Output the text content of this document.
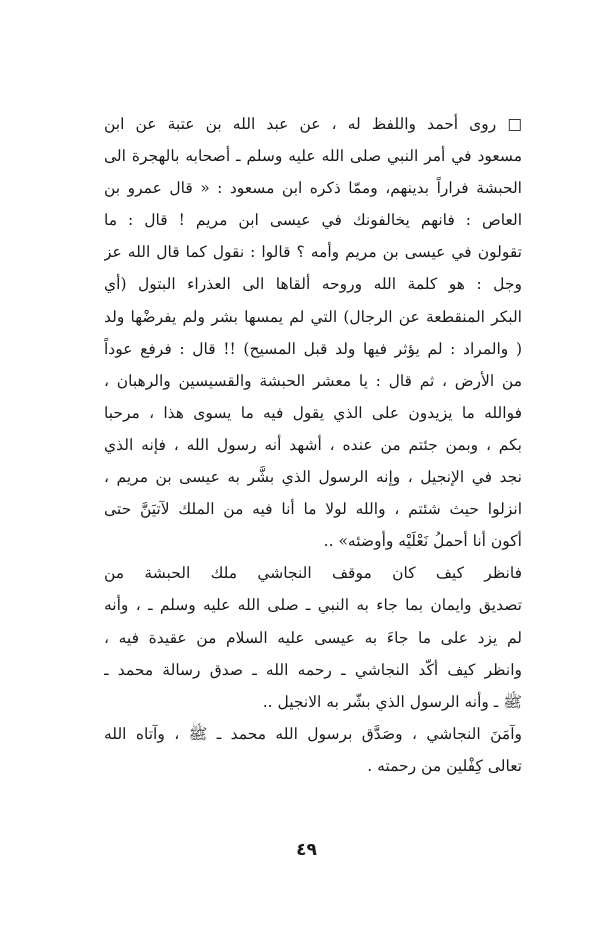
□ روى أحمد واللفظ له ، عن عبد الله بن عتبة عن ابن
مسعود في أمر النبي صلى الله عليه وسلم ـ أصحابه بالهجرة الى
الحبشة فراراً بدينهم، وممّا ذكره ابن مسعود : « قال عمرو بن
العاص : فانهم يخالفونك في عيسى ابن مريم ! قال : ما
تقولون في عيسى بن مريم وأمه ؟ قالوا : نقول كما قال الله عز
وجل : هو كلمة الله وروحه ألقاها الى العذراء البتول (أي
البكر المنقطعة عن الرجال) التي لم يمسها بشر ولم يفرضْها ولد
( والمراد : لم يؤثر فيها ولد قبل المسيح) !! قال : فرفع عوداً
من الأرض ، ثم قال : يا معشر الحبشة والقسيسين والرهبان ،
فوالله ما يزيدون على الذي يقول فيه ما يسوى هذا ، مرحبا
بكم ، وبمن جئتم من عنده ، أشهد أنه رسول الله ، فإنه الذي
نجد في الإنجيل ، وإنه الرسول الذي بشَّر به عيسى بن مريم ،
انزلوا حيث شئتم ، والله لولا ما أنا فيه من الملك لآتيَنَّ حتى
أكون أنا أحملُ نَعْلَيْه وأوضئه» ..
فانظر كيف كان موقف النجاشي ملك الحبشة من
تصديق وايمان بما جاء به النبي ـ صلى الله عليه وسلم ـ ، وأنه
لم يزد على ما جاءَ به عيسى عليه السلام من عقيدة فيه ،
وانظر كيف أكّد النجاشي ـ رحمه الله ـ صدق رسالة محمد ـ
ﷺ ـ وأنه الرسول الذي بشّر به الانجيل ..
وآمَنَ النجاشي ، وصَدَّق برسول الله محمد ـ ﷺ ، وآتاه الله
تعالى كِفْلين من رحمته .
٤٩
